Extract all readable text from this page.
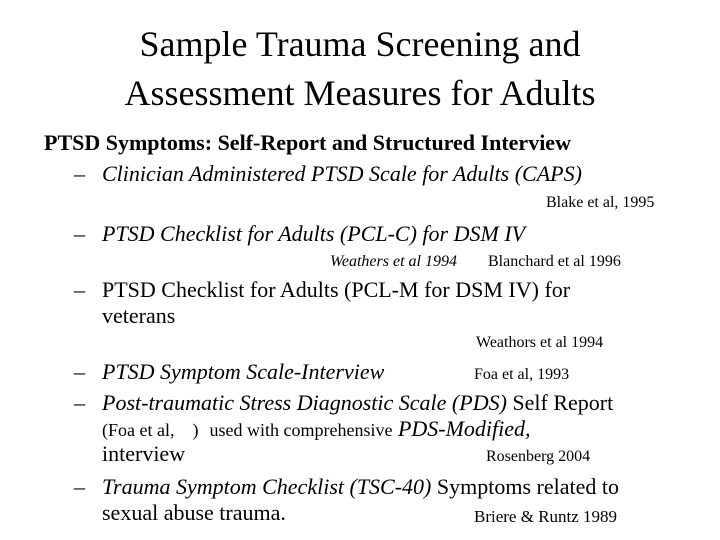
Sample Trauma Screening and
Assessment Measures for Adults
PTSD Symptoms: Self-Report and Structured Interview
– Clinician Administered PTSD Scale for Adults (CAPS)
Blake et al, 1995
– PTSD Checklist for Adults (PCL-C) for DSM IV
Weathers et al 1994 Blanchard et al 1996
– PTSD Checklist for Adults (PCL-M for DSM IV) for
veterans
Weathors et al 1994
– PTSD Symptom Scale-Interview	Foa et al, 1993
– Post-traumatic Stress Diagnostic Scale (PDS) Self Report
(Foa et al, ) used with comprehensive PDS-Modified,
interview	Rosenberg 2004
– Trauma Symptom Checklist (TSC-40) Symptoms related to
sexual abuse trauma.	Briere & Runtz 1989
